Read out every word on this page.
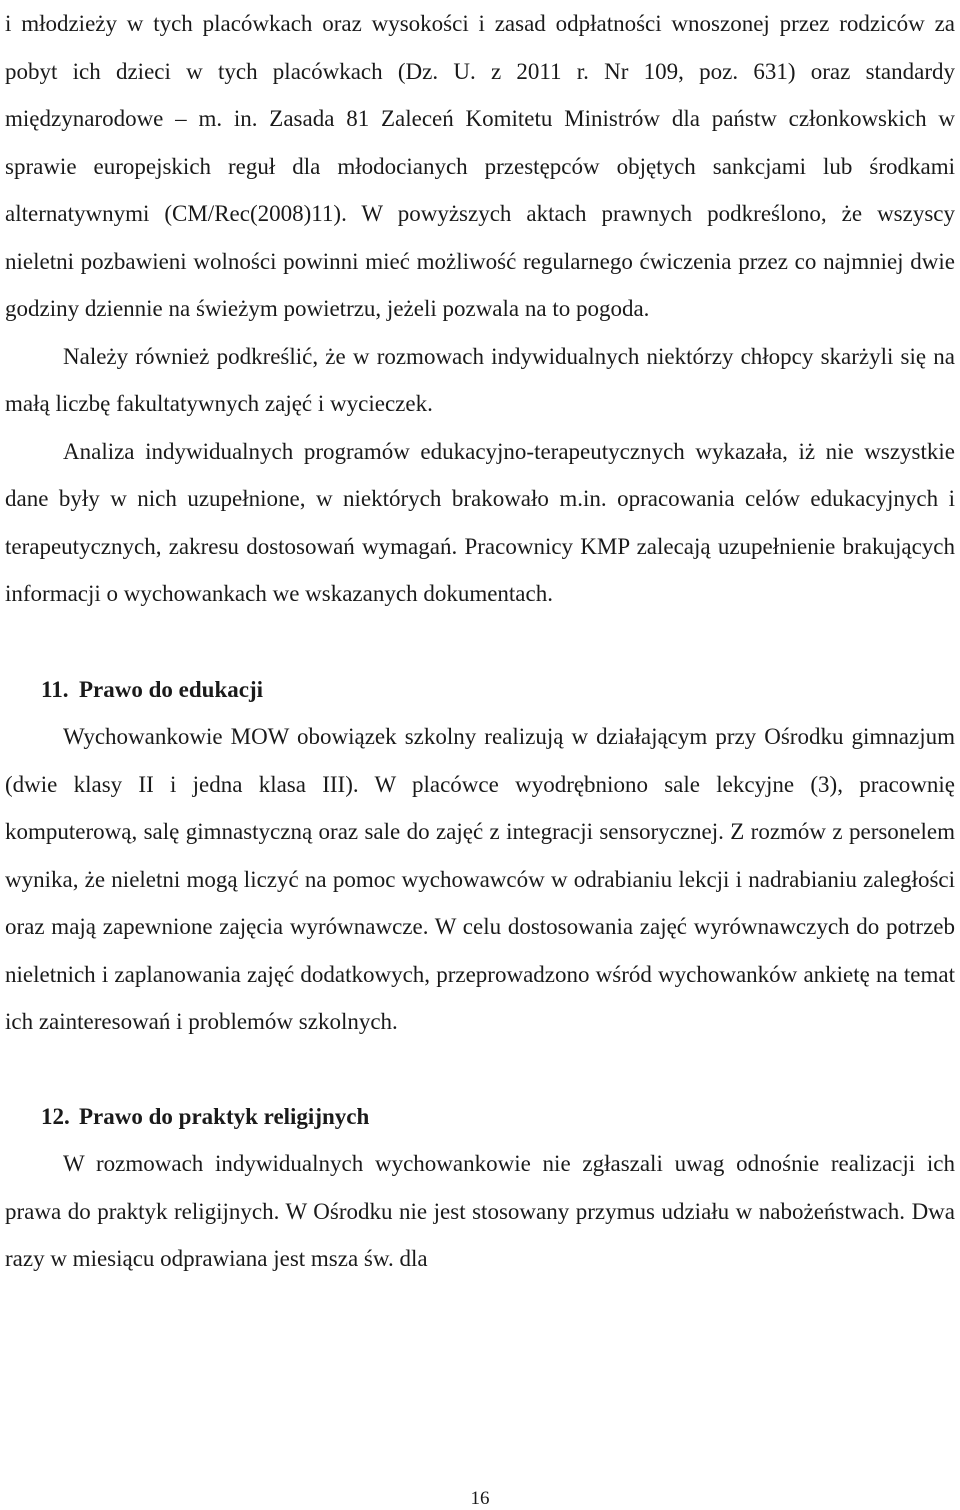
i młodzieży w tych placówkach oraz wysokości i zasad odpłatności wnoszonej przez rodziców za pobyt ich dzieci w tych placówkach (Dz. U. z 2011 r. Nr 109, poz. 631) oraz standardy międzynarodowe – m. in. Zasada 81 Zaleceń Komitetu Ministrów dla państw członkowskich w sprawie europejskich reguł dla młodocianych przestępców objętych sankcjami lub środkami alternatywnymi (CM/Rec(2008)11). W powyższych aktach prawnych podkreślono, że wszyscy nieletni pozbawieni wolności powinni mieć możliwość regularnego ćwiczenia przez co najmniej dwie godziny dziennie na świeżym powietrzu, jeżeli pozwala na to pogoda.

Należy również podkreślić, że w rozmowach indywidualnych niektórzy chłopcy skarżyli się na małą liczbę fakultatywnych zajęć i wycieczek.

Analiza indywidualnych programów edukacyjno-terapeutycznych wykazała, iż nie wszystkie dane były w nich uzupełnione, w niektórych brakowało m.in. opracowania celów edukacyjnych i terapeutycznych, zakresu dostosowań wymagań. Pracownicy KMP zalecają uzupełnienie brakujących informacji o wychowankach we wskazanych dokumentach.

11. Prawo do edukacji

Wychowankowie MOW obowiązek szkolny realizują w działającym przy Ośrodku gimnazjum (dwie klasy II i jedna klasa III). W placówce wyodrębniono sale lekcyjne (3), pracownię komputerową, salę gimnastyczną oraz sale do zajęć z integracji sensorycznej. Z rozmów z personelem wynika, że nieletni mogą liczyć na pomoc wychowawców w odrabianiu lekcji i nadrabianiu zaległości oraz mają zapewnione zajęcia wyrównawcze. W celu dostosowania zajęć wyrównawczych do potrzeb nieletnich i zaplanowania zajęć dodatkowych, przeprowadzono wśród wychowanków ankietę na temat ich zainteresowań i problemów szkolnych.

12. Prawo do praktyk religijnych

W rozmowach indywidualnych wychowankowie nie zgłaszali uwag odnośnie realizacji ich prawa do praktyk religijnych. W Ośrodku nie jest stosowany przymus udziału w nabożeństwach. Dwa razy w miesiącu odprawiana jest msza św. dla

16
